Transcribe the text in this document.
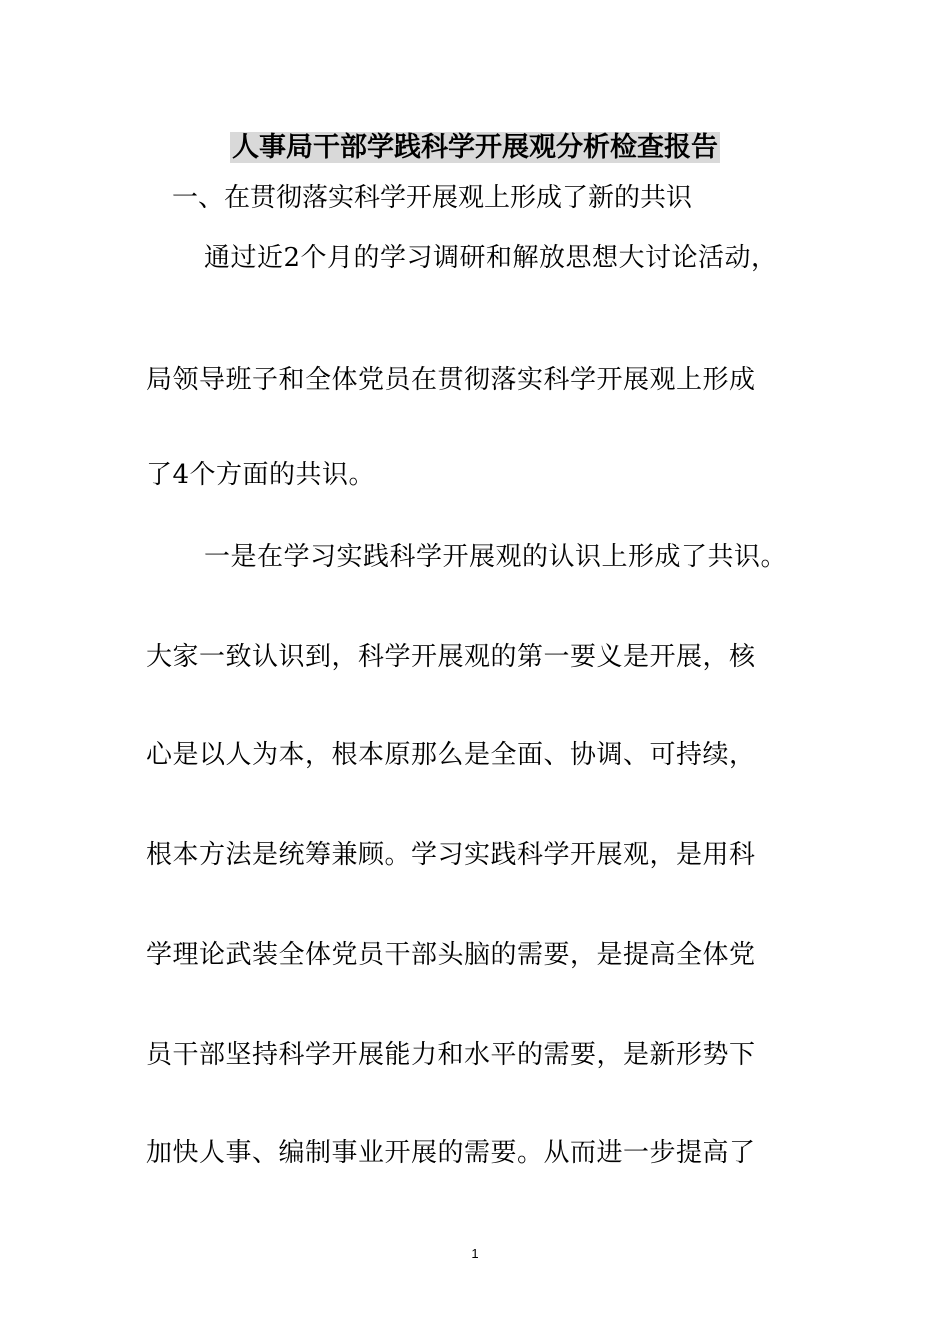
人事局干部学践科学开展观分析检查报告
一、在贯彻落实科学开展观上形成了新的共识
通过近2个月的学习调研和解放思想大讨论活动，
局领导班子和全体党员在贯彻落实科学开展观上形成
了4个方面的共识。
一是在学习实践科学开展观的认识上形成了共识。
大家一致认识到，科学开展观的第一要义是开展，核
心是以人为本，根本原那么是全面、协调、可持续，
根本方法是统筹兼顾。学习实践科学开展观，是用科
学理论武装全体党员干部头脑的需要，是提高全体党
员干部坚持科学开展能力和水平的需要，是新形势下
加快人事、编制事业开展的需要。从而进一步提高了
1
